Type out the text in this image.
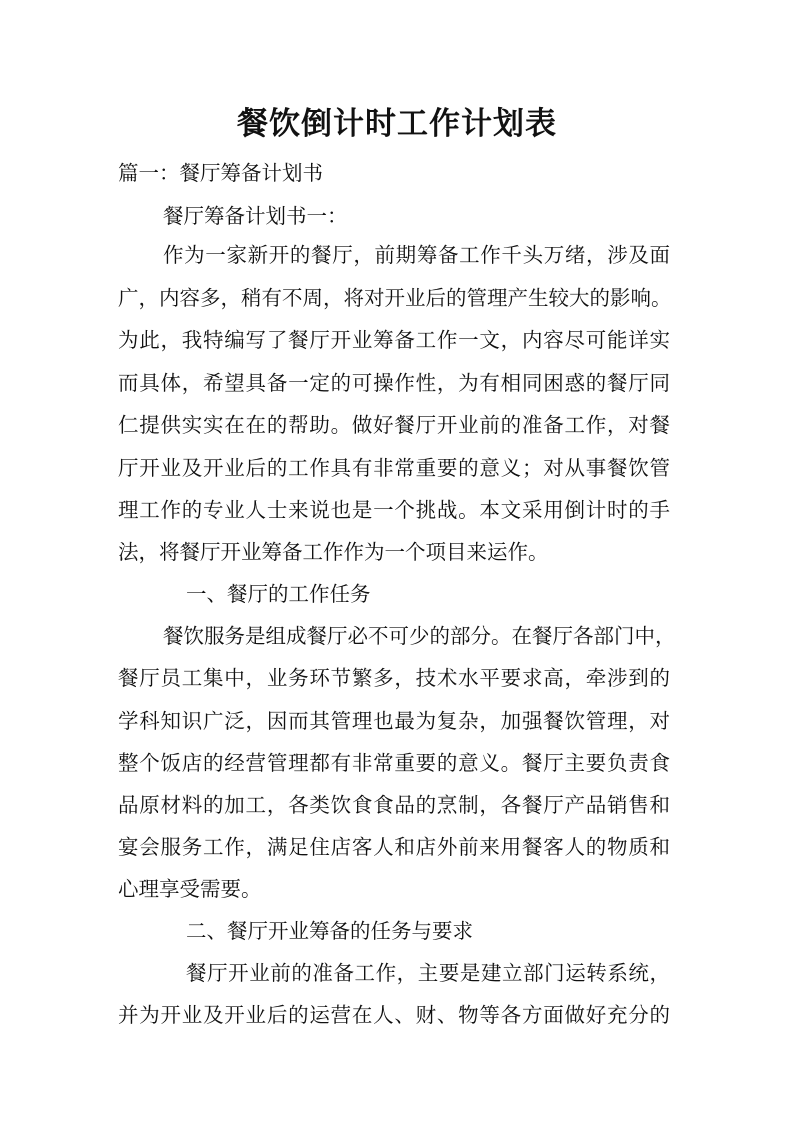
餐饮倒计时工作计划表
篇一：餐厅筹备计划书
餐厅筹备计划书一：
作为一家新开的餐厅，前期筹备工作千头万绪，涉及面
广，内容多，稍有不周，将对开业后的管理产生较大的影响。
为此，我特编写了餐厅开业筹备工作一文，内容尽可能详实
而具体，希望具备一定的可操作性，为有相同困惑的餐厅同
仁提供实实在在的帮助。做好餐厅开业前的准备工作，对餐
厅开业及开业后的工作具有非常重要的意义；对从事餐饮管
理工作的专业人士来说也是一个挑战。本文采用倒计时的手
法，将餐厅开业筹备工作作为一个项目来运作。
一、餐厅的工作任务
餐饮服务是组成餐厅必不可少的部分。在餐厅各部门中，
餐厅员工集中，业务环节繁多，技术水平要求高，牵涉到的
学科知识广泛，因而其管理也最为复杂，加强餐饮管理，对
整个饭店的经营管理都有非常重要的意义。餐厅主要负责食
品原材料的加工，各类饮食食品的烹制，各餐厅产品销售和
宴会服务工作，满足住店客人和店外前来用餐客人的物质和
心理享受需要。
二、餐厅开业筹备的任务与要求
餐厅开业前的准备工作，主要是建立部门运转系统，
并为开业及开业后的运营在人、财、物等各方面做好充分的
